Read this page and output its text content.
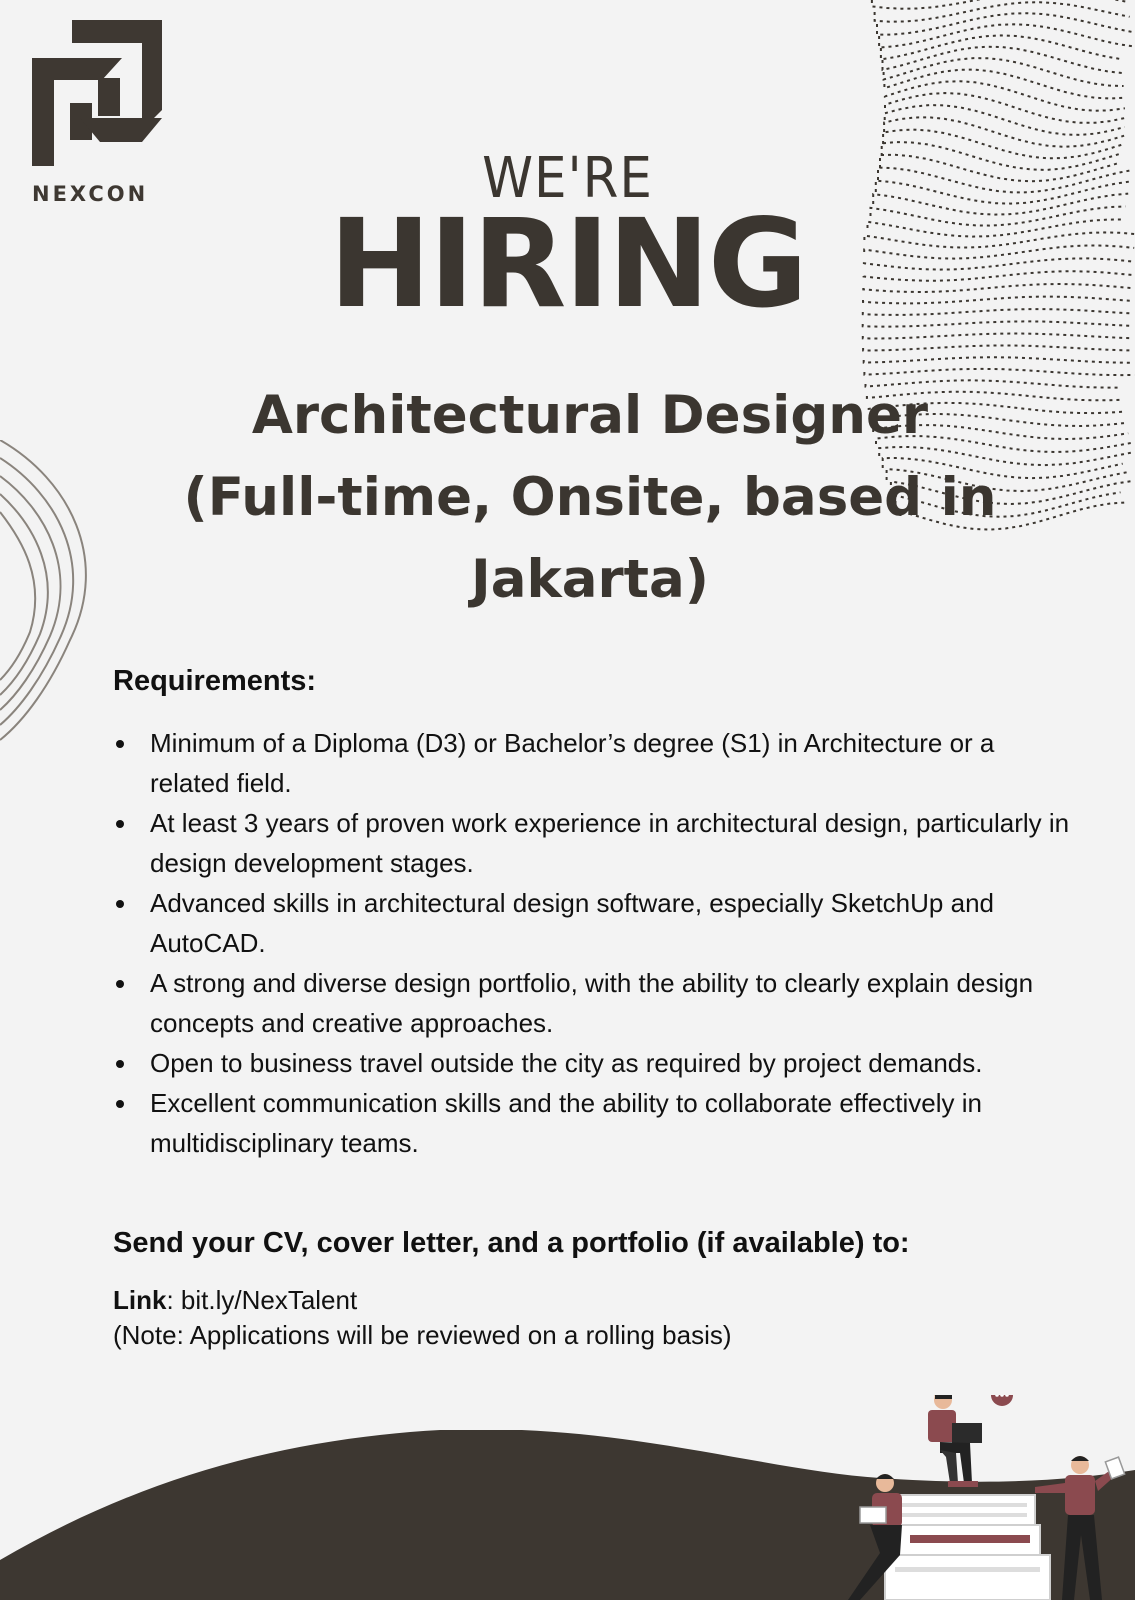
NEXCON	WE'RE
HIRING
Architectural Designer (Full-time, Onsite, based in Jakarta)
Requirements:
Minimum of a Diploma (D3) or Bachelor’s degree (S1) in Architecture or a related field.
At least 3 years of proven work experience in architectural design, particularly in design development stages.
Advanced skills in architectural design software, especially SketchUp and AutoCAD.
A strong and diverse design portfolio, with the ability to clearly explain design concepts and creative approaches.
Open to business travel outside the city as required by project demands.
Excellent communication skills and the ability to collaborate effectively in multidisciplinary teams.
Send your CV, cover letter, and a portfolio (if available) to:
Link: bit.ly/NexTalent
(Note: Applications will be reviewed on a rolling basis)
